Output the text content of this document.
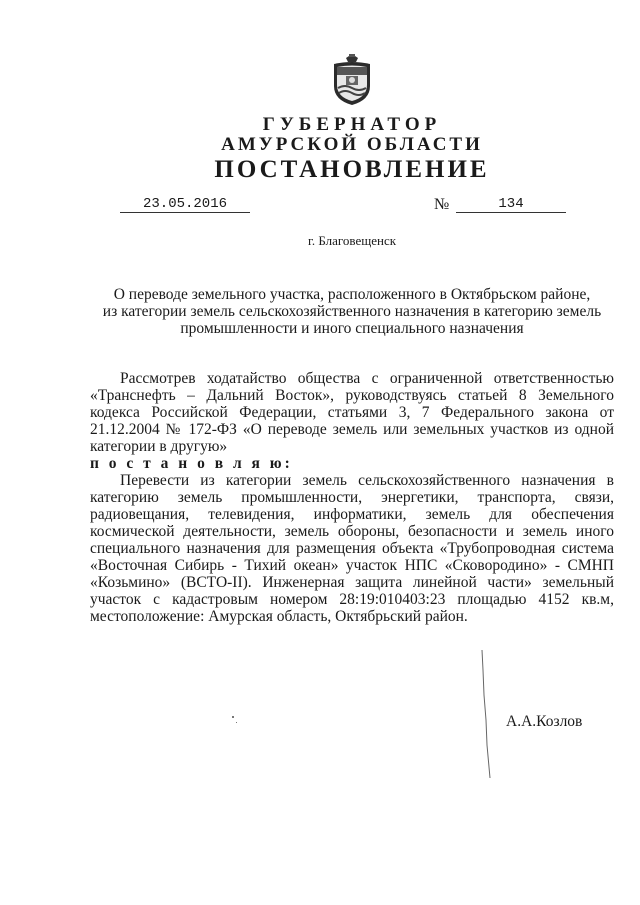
ГУБЕРНАТОР
АМУРСКОЙ ОБЛАСТИ
ПОСТАНОВЛЕНИЕ
23.05.2016	№	134
г. Благовещенск
О переводе земельного участка, расположенного в Октябрьском районе,
из категории земель сельскохозяйственного назначения в категорию земель
промышленности и иного специального назначения

Рассмотрев ходатайство общества с ограниченной ответственностью «Транснефть – Дальний Восток», руководствуясь статьей 8 Земельного кодекса Российской Федерации, статьями 3, 7 Федерального закона от 21.12.2004 № 172-ФЗ «О переводе земель или земельных участков из одной категории в другую»

п о с т а н о в л я ю:

Перевести из категории земель сельскохозяйственного назначения в категорию земель промышленности, энергетики, транспорта, связи, радиовещания, телевидения, информатики, земель для обеспечения космической деятельности, земель обороны, безопасности и земель иного специального назначения для размещения объекта «Трубопроводная система «Восточная Сибирь - Тихий океан» участок НПС «Сковородино» - СМНП «Козьмино» (ВСТО-II). Инженерная защита линейной части» земельный участок с кадастровым номером 28:19:010403:23 площадью 4152 кв.м, местоположение: Амурская область, Октябрьский район.

А.А.Козлов
